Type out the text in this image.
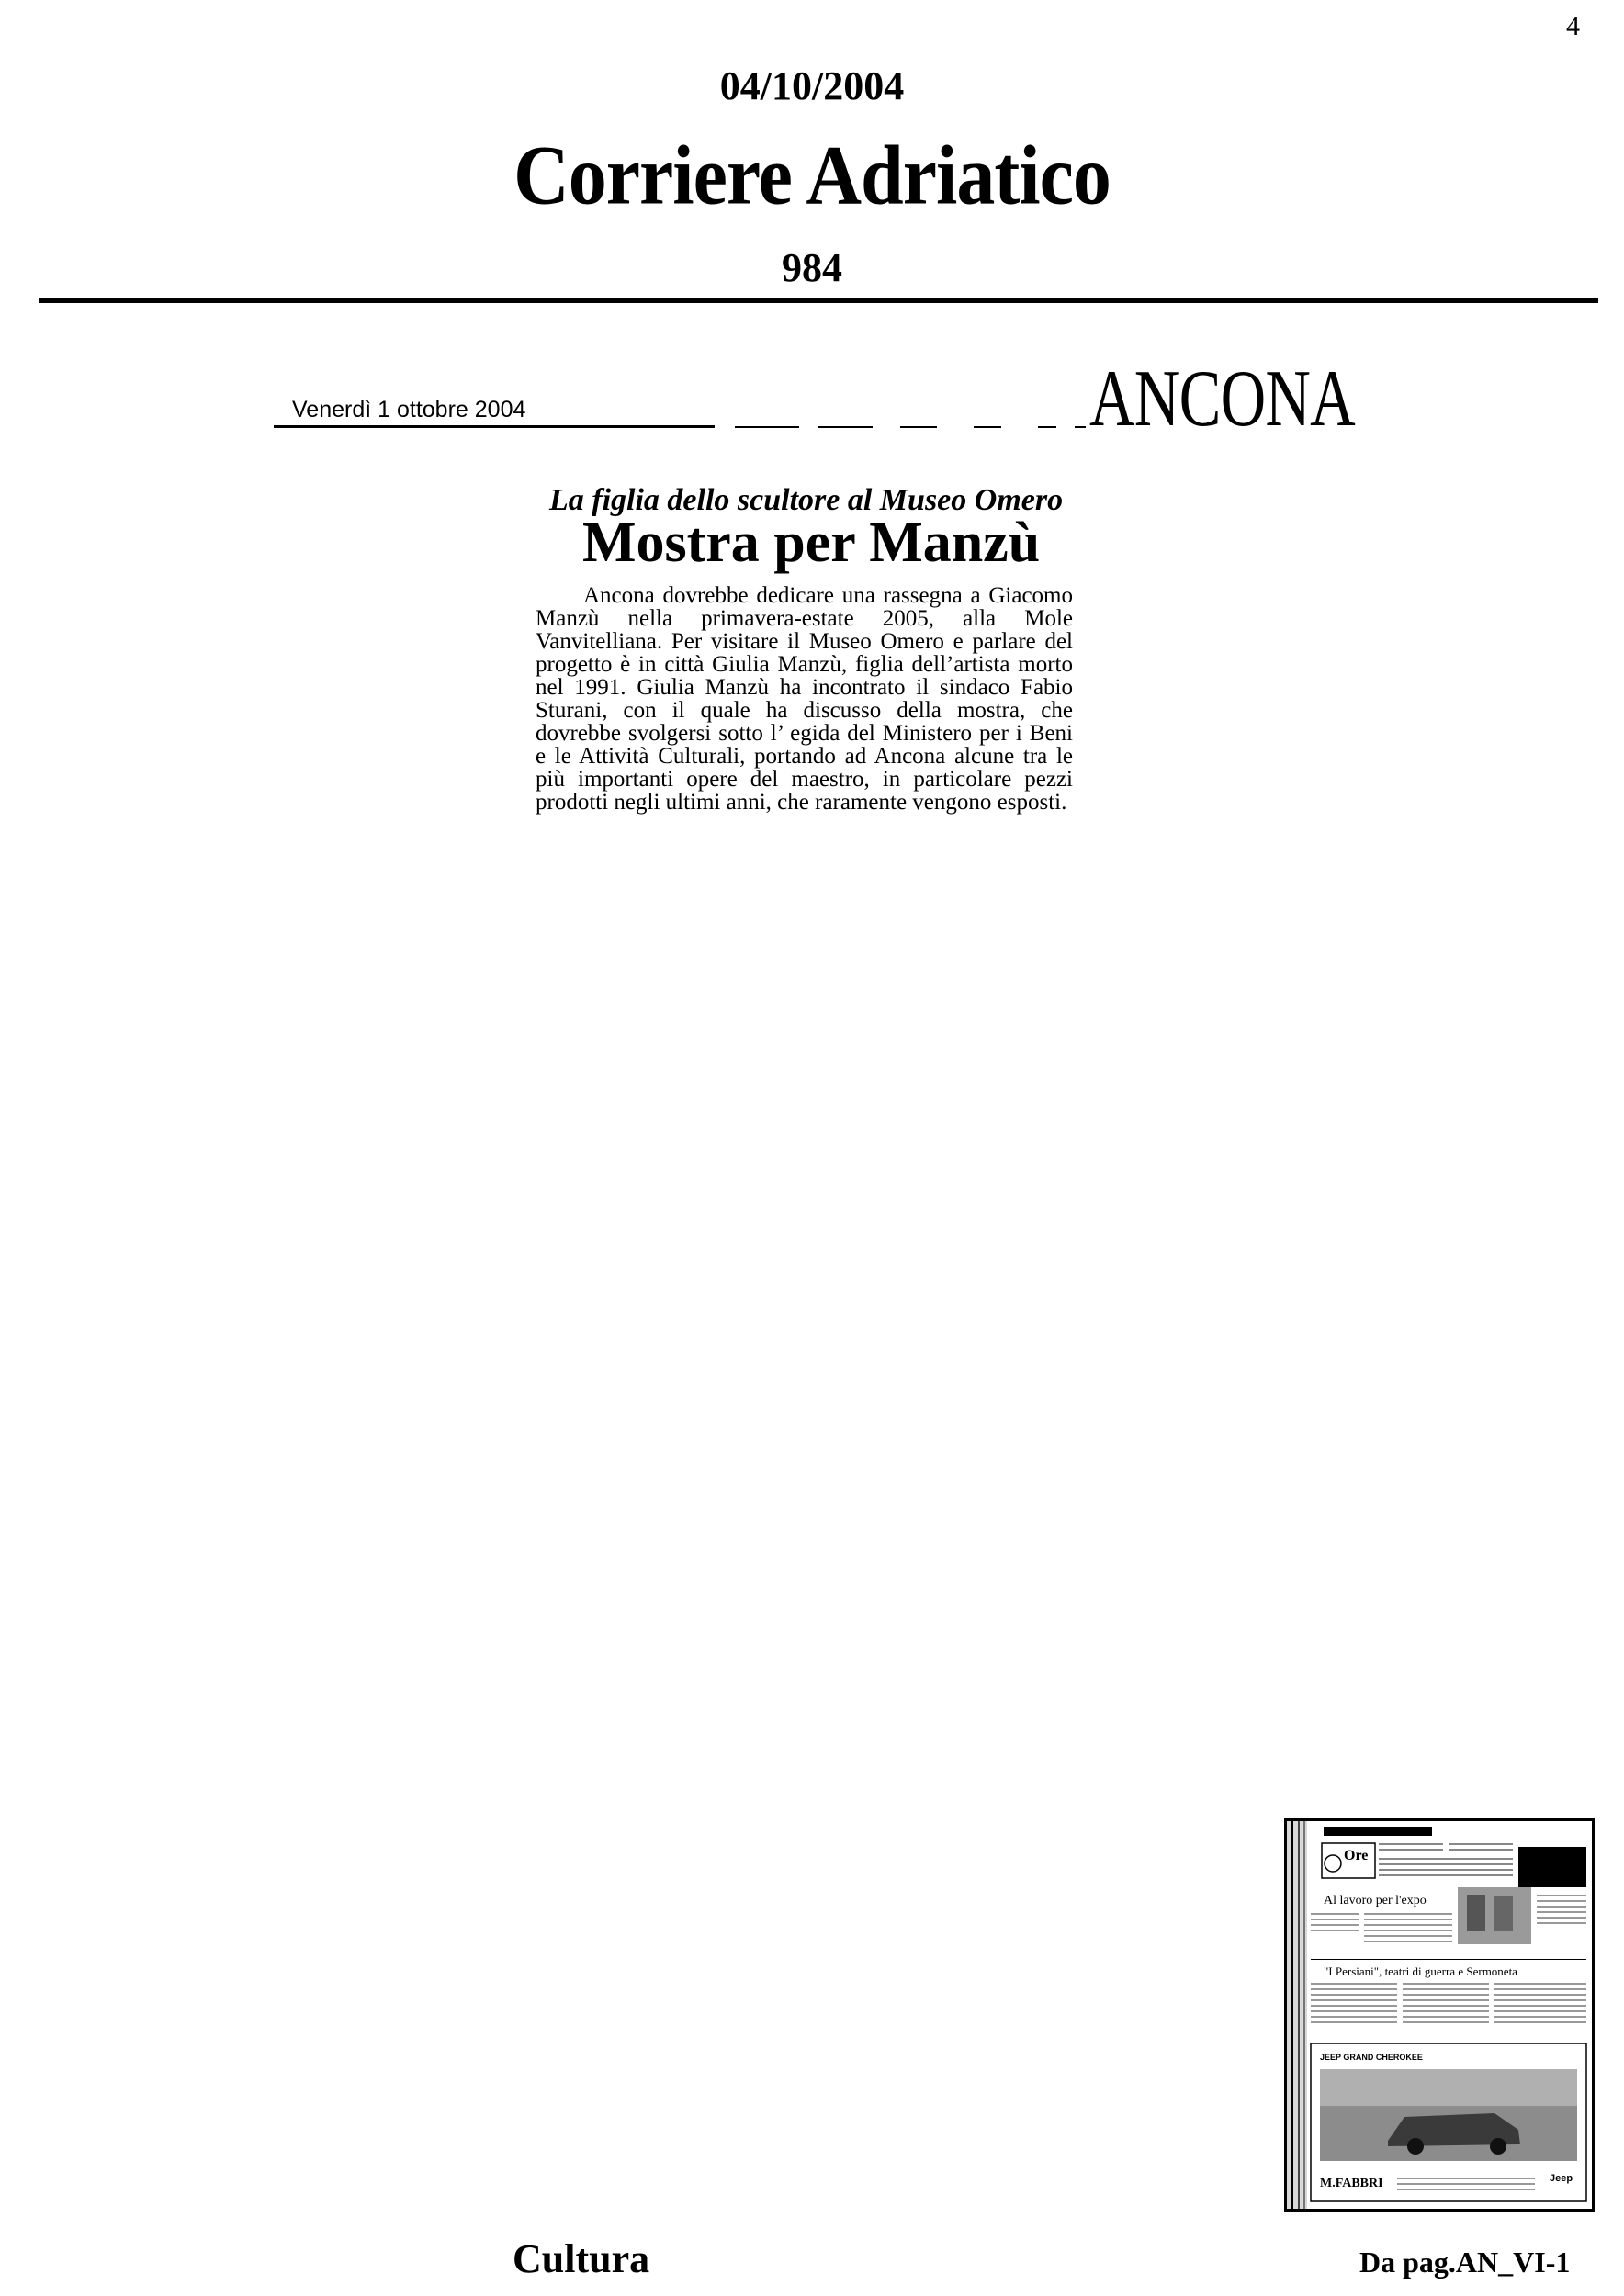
4
04/10/2004
Corriere Adriatico
984
Venerdì 1 ottobre 2004	ANCONA
La figlia dello scultore al Museo Omero
Mostra per Manzù
Ancona dovrebbe dedicare una rassegna a Giacomo Manzù nella primavera-estate 2005, alla Mole Vanvitelliana. Per visitare il Museo Omero e parlare del progetto è in città Giulia Manzù, figlia dell’artista morto nel 1991. Giulia Manzù ha incontrato il sindaco Fabio Sturani, con il quale ha discusso della mostra, che dovrebbe svolgersi sotto l’ egida del Ministero per i Beni e le Attività Culturali, portando ad Ancona alcune tra le più importanti opere del maestro, in particolare pezzi prodotti negli ultimi anni, che raramente vengono esposti.
Ore
Al lavoro per l'expo
"I Persiani", teatri di guerra e Sermoneta
JEEP GRAND CHEROKEE
M.FABBRI	Jeep
Cultura	Da pag.AN_VI-1
